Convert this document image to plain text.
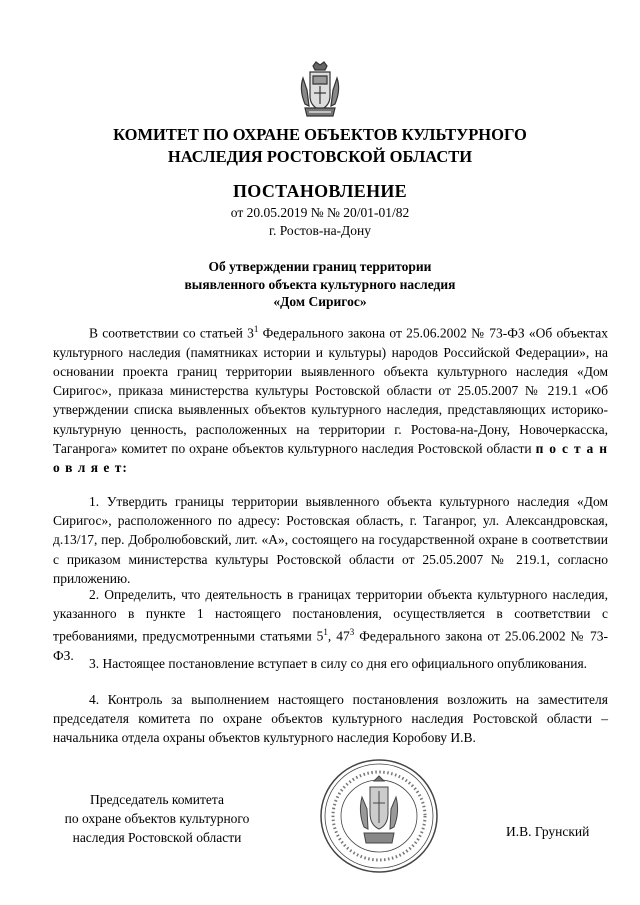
КОМИТЕТ ПО ОХРАНЕ ОБЪЕКТОВ КУЛЬТУРНОГО
НАСЛЕДИЯ РОСТОВСКОЙ ОБЛАСТИ
ПОСТАНОВЛЕНИЕ
от 20.05.2019 № № 20/01-01/82
г. Ростов-на-Дону
Об утверждении границ территории
выявленного объекта культурного наследия
«Дом Сиригос»
В соответствии со статьей $3^1$ Федерального закона от 25.06.2002 № 73-ФЗ «Об объектах культурного наследия (памятниках истории и культуры) народов Российской Федерации», на основании проекта границ территории выявленного объекта культурного наследия «Дом Сиригос», приказа министерства культуры Ростовской области от 25.05.2007 № 219.1 «Об утверждении списка выявленных объектов культурного наследия, представляющих историко-культурную ценность, расположенных на территории г. Ростова-на-Дону, Новочеркасска, Таганрога» комитет по охране объектов культурного наследия Ростовской области п о с т а н о в л я е т:
1. Утвердить границы территории выявленного объекта культурного наследия «Дом Сиригос», расположенного по адресу: Ростовская область, г. Таганрог, ул. Александровская, д.13/17, пер. Добролюбовский, лит. «А», состоящего на государственной охране в соответствии с приказом министерства культуры Ростовской области от 25.05.2007 № 219.1, согласно приложению.
2. Определить, что деятельность в границах территории объекта культурного наследия, указанного в пункте 1 настоящего постановления, осуществляется в соответствии с требованиями, предусмотренными статьями $5^1$, $47^3$ Федерального закона от 25.06.2002 № 73-ФЗ.
3. Настоящее постановление вступает в силу со дня его официального опубликования.
4. Контроль за выполнением настоящего постановления возложить на заместителя председателя комитета по охране объектов культурного наследия Ростовской области – начальника отдела охраны объектов культурного наследия Коробову И.В.
Председатель комитета
по охране объектов культурного
наследия Ростовской области	И.В. Грунский
